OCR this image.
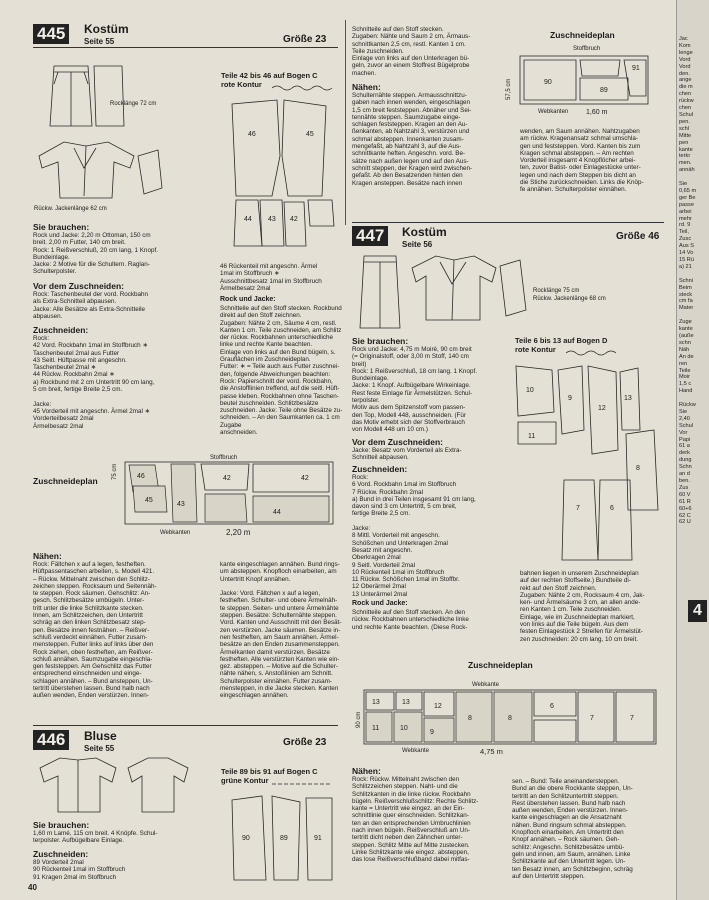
445	Kostüm
Seite 55	Größe 23
Rocklänge 72 cm
Rückw. Jackenlänge 62 cm
Teile 42 bis 46 auf Bogen C
rote Kontur
46	45
44 43 42
Sie brauchen:
Rock und Jacke: 2,20 m Ottoman, 150 cm
breit. 2,00 m Futter, 140 cm breit.
Rock: 1 Reißverschluß, 20 cm lang, 1 Knopf.
Bundeinlage.
Jacke: 2 Motive für die Schultern. Raglan-
Schulterpolster.
Vor dem Zuschneiden:
Rock: Taschenbeutel der vord. Rockbahn
als Extra-Schnitteil abpausen.
Jacke: Alle Besätze als Extra-Schnitteile
abpausen.
Zuschneiden:
Rock:
42 Vord. Rockbahn 1mal im Stoffbruch ∗
Taschenbeutel 2mal aus Futter
43 Seitl. Hüftpasse mit angeschn.
Taschenbeutel 2mal ∗
44 Rückw. Rockbahn 2mal ∗
a) Rockbund mit 2 cm Untertritt 90 cm lang,
5 cm breit, fertige Breite 2,5 cm.

Jacke:
45 Vorderteil mit angeschn. Ärmel 2mal ∗
Vorderteilbesatz 2mal
Ärmelbesatz 2mal
46 Rückenteil mit angeschn. Ärmel
1mal im Stoffbruch ∗
Ausschnittbesatz 1mal im Stoffbruch
Ärmelbesatz 2mal
Rock und Jacke:
Schnitteile auf den Stoff stecken. Rockbund
direkt auf den Stoff zeichnen.
Zugaben: Nähte 2 cm, Säume 4 cm, restl.
Kanten 1 cm. Teile zuschneiden, am Schlitz
der rückw. Rockbahnen unterschiedliche
linke und rechte Kante beachten.
Einlage von links auf den Bund bügeln, s.
Grauflächen im Zuschneideplan.
Futter: ∗ = Teile auch aus Futter zuschnei-
den, folgende Abweichungen beachten:
Rock: Papierschnitt der vord. Rockbahn,
die Anstofflinien treffend, auf die seitl. Hüft-
passe kleben. Rockbahnen ohne Taschen-
beutel zuschneiden. Schlitzbesätze
zuschneiden. Jacke: Teile ohne Besätze zu-
schneiden. – An den Saumkanten ca. 1 cm Zugabe
anschneiden.
Zuschneideplan
Stoffbruch
46
45
43
42	42
44
75 cm
Webkanten	2,20 m
Nähen:
Rock: Fältchen x auf a legen, festheften.
Hüftpassentaschen arbeiten, s. Modell 421.
– Rückw. Mittelnaht zwischen den Schlitz-
zeichen steppen. Rocksaum und Seitennäh-
te steppen. Rock säumen. Gehschlitz: An-
gesch. Schlitzbesätze umbügeln. Unter-
tritt unter die linke Schlitzkante stecken.
Innen, am Schlitzzeichen, den Untertritt
schräg an den linken Schlitzbesatz step-
pen. Besätze innen festnähen. – Reißver-
schluß verdeckt einnähen. Futter zusam-
mensteppen. Futter links auf links über den
Rock ziehen, oben festheften, am Reißver-
schluß annähen. Saumzugabe eingeschla-
gen feststeppen. Am Gehschlitz das Futter
entsprechend einschneiden und einge-
schlagen annähen. – Bund ansteppen, Un-
tertritt überstehen lassen. Bund halb nach
außen wenden, Enden verstürzen. Innen-
kante eingeschlagen annähen. Bund rings-
um absteppen. Knopfloch einarbeiten, am
Untertritt Knopf annähen.

Jacke: Vord. Fältchen x auf a legen,
festheften. Schulter- und obere Ärmelnäh-
te steppen. Seiten- und untere Ärmelnähte
steppen. Besätze: Schulternähte steppen.
Vord. Kanten und Ausschnitt mit den Besät-
zen verstürzen. Jacke säumen. Besätze in-
nen festheften, am Saum annähen. Ärmel-
besätze an den Enden zusammensteppen.
Ärmelkanten damit verstürzen. Besätze
festheften. Alle verstürzten Kanten wie ein-
gez. absteppen. – Motive auf die Schulter-
nähte nähen, s. Anstoßlinien am Schnitt.
Schulterpolster einnähen. Futter zusam-
mensteppen, in die Jacke stecken. Kanten
eingeschlagen annähen.
446	Bluse
Seite 55
Größe 23
Sie brauchen:
1,60 m Lamé, 115 cm breit. 4 Knöpfe. Schul-
terpolster. Aufbügelbare Einlage.
Zuschneiden:
89 Vorderteil 2mal
90 Rückenteil 1mal im Stoffbruch
91 Kragen 2mal im Stoffbruch
Teile 89 bis 91 auf Bogen C
grüne Kontur
90	89	91
40
Schnitteile auf den Stoff stecken.
Zugaben: Nähte und Saum 2 cm, Ärmaus-
schnittkanten 2,5 cm, restl. Kanten 1 cm.
Teile zuschneiden.
Einlage von links auf den Unterkragen bü-
geln, zuvor an einem Stoffrest Bügelprobe
machen.
Nähen:
Schulternähte steppen. Armausschnittzu-
gaben nach innen wenden, eingeschlagen
1,5 cm breit feststeppen. Abnäher und Sei-
tennähte steppen. Saumzugabe einge-
schlagen feststeppen. Kragen an den Au-
ßenkanten, ab Nahtzahl 3, verstürzen und
schmal absteppen. Innenkanten zusam-
mengefaßt, ab Nahtzahl 3, auf die Aus-
schnittkante heften. Angeschn. vord. Be-
sätze nach außen legen und auf den Aus-
schnitt steppen, der Kragen wird zwischen-
gefaßt. Ab den Besatzenden hinten den
Kragen ansteppen. Besätze nach innen
Zuschneideplan
Stoffbruch
90
89
91
57,5 cm
Webkanten	1,60 m
wenden, am Saum annähen. Nahtzugaben
am rückw. Kragenansatz schmal umschla-
gen und feststeppen. Vord. Kanten bis zum
Kragen schmal absteppen. – Am rechten
Vorderteil insgesamt 4 Knopflöcher arbei-
ten, zuvor Batist- oder Einlagestücke unter-
legen und nach dem Steppen bis dicht an
die Stiche zurückschneiden. Links die Knöp-
fe annähen. Schulterpolster einnähen.
447	Kostüm
Seite 56
Größe 46
Rocklänge 75 cm
Rückw. Jackenlänge 68 cm
Sie brauchen:
Rock und Jacke: 4,75 m Moiré, 90 cm breit
(= Originalstoff, oder 3,00 m Stoff, 140 cm
breit)
Rock: 1 Reißverschluß, 18 cm lang. 1 Knopf.
Bundeinlage.
Jacke: 1 Knopf. Aufbügelbare Wirkeinlage.
Rest feste Einlage für Ärmelstützen. Schul-
terpolster.
Motiv aus dem Spitzenstoff vom passen-
den Top, Modell 448, ausschneiden. (Für
das Motiv erhebt sich der Stoffverbrauch
von Modell 448 um 10 cm.)
Vor dem Zuschneiden:
Jacke: Besatz vom Vorderteil als Extra-
Schnitteil abpausen.
Zuschneiden:
Rock:
6 Vord. Rockbahn 1mal im Stoffbruch
7 Rückw. Rockbahn 2mal
a) Bund in drei Teilen insgesamt 91 cm lang,
davon sind 3 cm Untertritt, 5 cm breit,
fertige Breite 2,5 cm.

Jacke:
8 Mittl. Vorderteil mit angeschn.
Schößchen und Unterkragen 2mal
Besatz mit angeschn.
Oberkragen 2mal
9 Seitl. Vorderteil 2mal
10 Rückenteil 1mal im Stoffbruch
11 Rückw. Schößchen 1mal im Stoffbr.
12 Oberärmel 2mal
13 Unterärmel 2mal
Rock und Jacke:
Schnitteile auf den Stoff stecken. An den
rückw. Rockbahnen unterschiedliche linke
und rechte Kante beachten. (Diese Rock-
Teile 6 bis 13 auf Bogen D
rote Kontur
10
9
12
13
8
11
7	6
bahnen liegen in unserem Zuschneideplan
auf der rechten Stoffseite.) Bundteile di-
rekt auf den Stoff zeichnen.
Zugaben: Nähte 2 cm, Rocksaum 4 cm, Jak-
ken- und Ärmelsäume 3 cm, an allen ande-
ren Kanten 1 cm. Teile zuschneiden.
Einlage, wie im Zuschneideplan markiert,
von links auf die Teile bügeln. Aus dem
festen Einlagestück 2 Streifen für Ärmelstüt-
zen zuschneiden: 20 cm lang, 10 cm breit.
Zuschneideplan
Webkante
13	13
12
11	10
9
8	8
6
7	7
90 cm
Webkante	4,75 m
Nähen:
Rock: Rückw. Mittelnaht zwischen den
Schlitzzeichen steppen. Naht- und die
Schlitzkanten in die linke rückw. Rockbahn
bügeln. Reißverschlußschlitz: Rechte Schlitz-
kante = Untertritt wie eingez. an der Ein-
schnittlinie quer einschneiden. Schlitzkan-
ten an den entsprechenden Umbruchlinien
nach innen bügeln. Reißverschluß am Un-
tertritt dicht neben den Zähnchen unter-
steppen. Schlitz Mitte auf Mitte zustecken.
Linke Schlitzkante wie eingez. absteppen,
das lose Reißverschlußband dabei mitfas-
sen. – Bund: Teile aneinandersteppen.
Bund an die obere Rockkante steppen, Un-
tertritt an den Schlitzuntertritt steppen.
Rest überstehen lassen. Bund halb nach
außen wenden, Enden verstürzen. Innen-
kante eingeschlagen an die Ansatznaht
nähen. Bund ringsum schmal absteppen.
Knopfloch einarbeiten. Am Untertritt den
Knopf annähen. – Rock säumen. Geh-
schlitz: Angeschn. Schlitzbesätze umbü-
geln und innen, am Saum, annähen. Linke
Schlitzkante auf den Untertritt legen. Un-
ten Besatz innen, am Schlitzbeginn, schräg
auf den Untertritt steppen.
Jac
Kom
lenge
Vord
Vord
den.
ange
die m
chen
rückw
chen
Schul
pen.
schl
Mitte
pen
kante
terkr
men.
annäh

Sie
0,65 m
ger Be
passe
arbei
mehr
rd. 9
Teil,
Zusc
Aus S
14 Vo
15 Rü
a) 21

Schni
Beim
steck
cm fa
Mater

Zuge
kante
(auße
schn
Näh
An de
ren
Teile
Moir
1,5 c
Hand

Rückw
Sie
2,40
Schul
Vor
Papi
61 a
derk
dung
Schn
an d
ben.
Zus
60 V
61 R
60+6
62 C
62 U
4
